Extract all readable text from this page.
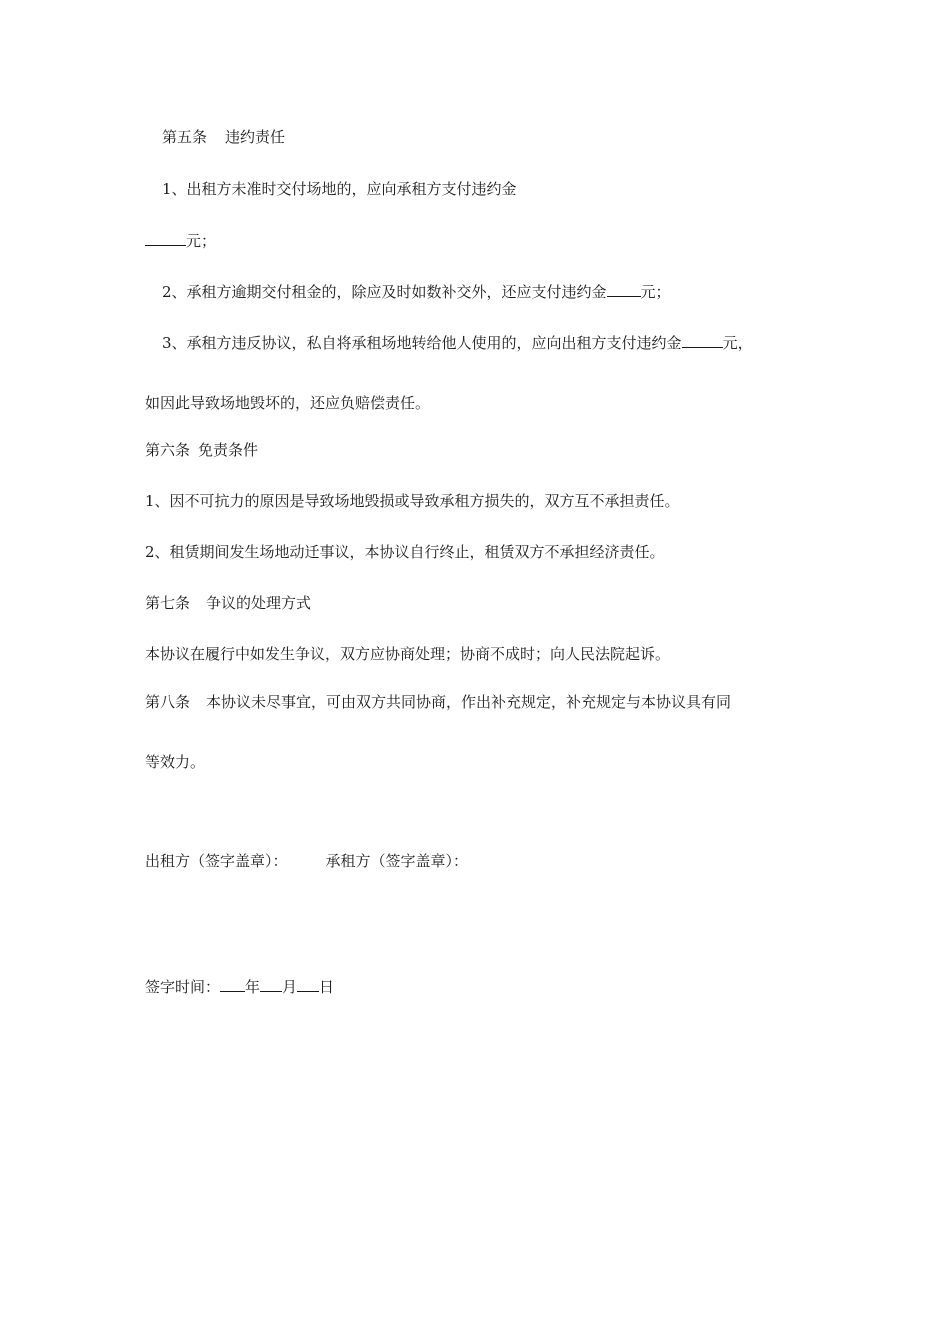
第五条 违约责任
1、出租方未准时交付场地的，应向承租方支付违约金
元；
2、承租方逾期交付租金的，除应及时如数补交外，还应支付违约金 元；
3、承租方违反协议，私自将承租场地转给他人使用的，应向出租方支付违约金	元，
如因此导致场地毁坏的，还应负赔偿责任。
第六条 免责条件
1、因不可抗力的原因是导致场地毁损或导致承租方损失的，双方互不承担责任。
2、租赁期间发生场地动迁事议，本协议自行终止，租赁双方不承担经济责任。
第七条 争议的处理方式
本协议在履行中如发生争议，双方应协商处理；协商不成时；向人民法院起诉。
第八条 本协议未尽事宜，可由双方共同协商，作出补充规定，补充规定与本协议具有同
等效力。
出租方（签字盖章）：	承租方（签字盖章）：
签字时间： 年 月 日
